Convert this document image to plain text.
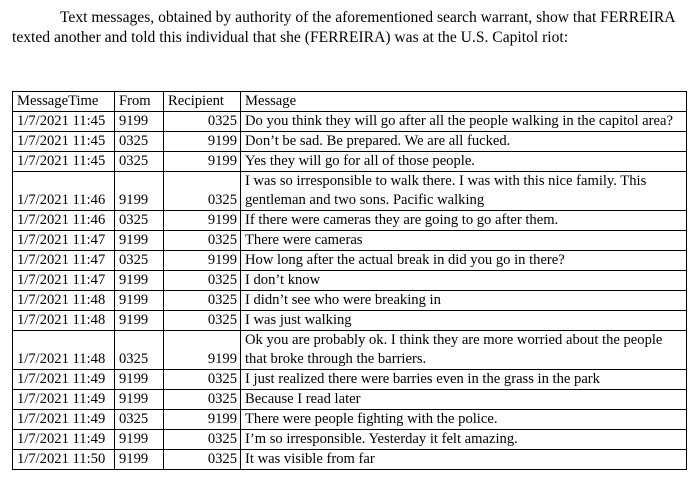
Text messages, obtained by authority of the aforementioned search warrant, show that FERREIRA texted another and told this individual that she (FERREIRA) was at the U.S. Capitol riot:

MessageTime	From	Recipient	Message
1/7/2021 11:45	9199	0325	Do you think they will go after all the people walking in the capitol area?
1/7/2021 11:45	0325	9199	Don’t be sad. Be prepared. We are all fucked.
1/7/2021 11:45	0325	9199	Yes they will go for all of those people.
1/7/2021 11:46	9199	0325	I was so irresponsible to walk there. I was with this nice family. This gentleman and two sons. Pacific walking
1/7/2021 11:46	0325	9199	If there were cameras they are going to go after them.
1/7/2021 11:47	9199	0325	There were cameras
1/7/2021 11:47	0325	9199	How long after the actual break in did you go in there?
1/7/2021 11:47	9199	0325	I don’t know
1/7/2021 11:48	9199	0325	I didn’t see who were breaking in
1/7/2021 11:48	9199	0325	I was just walking
1/7/2021 11:48	0325	9199	Ok you are probably ok. I think they are more worried about the people that broke through the barriers.
1/7/2021 11:49	9199	0325	I just realized there were barries even in the grass in the park
1/7/2021 11:49	9199	0325	Because I read later
1/7/2021 11:49	0325	9199	There were people fighting with the police.
1/7/2021 11:49	9199	0325	I’m so irresponsible. Yesterday it felt amazing.
1/7/2021 11:50	9199	0325	It was visible from far
